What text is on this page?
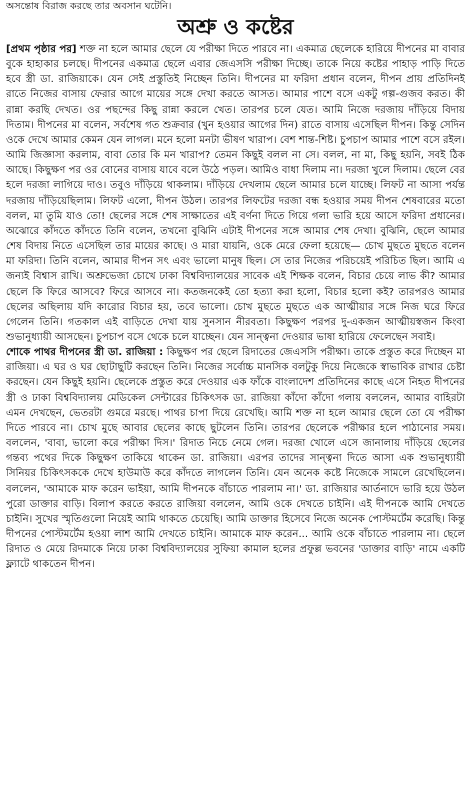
অসন্তোষ বিরাজ করছে তার অবসান ঘটেনি।
অশ্রু ও কষ্টের

[প্রথম পৃষ্ঠার পর] শক্ত না হলে আমার ছেলে যে পরীক্ষা দিতে পারবে না। একমাত্র ছেলেকে হারিয়ে দীপনের মা বাবার বুকে হাহাকার চলছে। দীপনের একমাত্র ছেলে এবার জেএসসি পরীক্ষা দিচ্ছে। তাকে নিয়ে কষ্টের পাহাড় পাড়ি দিতে হবে স্ত্রী ডা. রাজিয়াকে। যেন সেই প্রস্তুতিই নিচ্ছেন তিনি। দীপনের মা ফরিদা প্রধান বলেন, দীপন প্রায় প্রতিদিনই রাতে নিজের বাসায় ফেরার আগে মায়ের সঙ্গে দেখা করতে আসত। আমার পাশে বসে একটু গল্প-গুজব করত। কী রান্না করছি দেখত। ওর পছন্দের কিছু রান্না করলে খেত। তারপর চলে যেত। আমি নিজে দরজায় দাঁড়িয়ে বিদায় দিতাম। দীপনের মা বলেন, সর্বশেষ গত শুক্রবার (খুন হওয়ার আগের দিন) রাতে বাসায় এসেছিল দীপন। কিন্তু সেদিন ওকে দেখে আমার কেমন যেন লাগল। মনে হলো মনটা ভীষণ খারাপ। বেশ শান্ত-শিষ্ট। চুপচাপ আমার পাশে বসে রইল। আমি জিজ্ঞাসা করলাম, বাবা তোর কি মন খারাপ? তেমন কিছুই বলল না সে। বলল, না মা, কিছু হয়নি, সবই ঠিক আছে। কিছুক্ষণ পর ওর বোনের বাসায় যাবে বলে উঠে পড়ল। আমিও বাধা দিলাম না। দরজা খুলে দিলাম। ছেলে বের হলে দরজা লাগিয়ে দাও। তবুও দাঁড়িয়ে থাকলাম। দাঁড়িয়ে দেখলাম ছেলে আমার চলে যাচ্ছে। লিফট না আসা পর্যন্ত দরজায় দাঁড়িয়েছিলাম। লিফট এলো, দীপন উঠল। তারপর লিফটের দরজা বন্ধ হওয়ার সময় দীপন শেষবারের মতো বলল, মা তুমি যাও তো! ছেলের সঙ্গে শেষ সাক্ষাতের এই বর্ণনা দিতে গিয়ে গলা ভারি হয়ে আসে ফরিদা প্রধানের। অঝোরে কাঁদতে কাঁদতে তিনি বলেন, তখনো বুঝিনি এটাই দীপনের সঙ্গে আমার শেষ দেখা। বুঝিনি, ছেলে আমার শেষ বিদায় নিতে এসেছিল তার মায়ের কাছে। ও মারা যায়নি, ওকে মেরে ফেলা হয়েছে— চোখ মুছতে মুছতে বলেন মা ফরিদা। তিনি বলেন, আমার দীপন সৎ এবং ভালো মানুষ ছিল। সে তার নিজের পরিচয়েই পরিচিত ছিল। আমি এ জন্যই বিশ্বাস রাখি। অশ্রুভেজা চোখে ঢাকা বিশ্ববিদ্যালয়ের সাবেক এই শিক্ষক বলেন, বিচার চেয়ে লাভ কী? আমার ছেলে কি ফিরে আসবে? ফিরে আসবে না। কতজনকেই তো হত্যা করা হলো, বিচার হলো কই? তারপরও আমার ছেলের অছিলায় যদি কারোর বিচার হয়, তবে ভালো। চোখ মুছতে মুছতে এক আত্মীয়ার সঙ্গে নিজ ঘরে ফিরে গেলেন তিনি। গতকাল এই বাড়িতে দেখা যায় সুনসান নীরবতা। কিছুক্ষণ পরপর দু-একজন আত্মীয়স্বজন কিংবা শুভানুধ্যায়ী আসছেন। চুপচাপ বসে থেকে চলে যাচ্ছেন। যেন সান্ত্বনা দেওয়ার ভাষা হারিয়ে ফেলেছেন সবাই।

শোকে পাথর দীপনের স্ত্রী ডা. রাজিয়া : কিছুক্ষণ পর ছেলে রিদাতের জেএসসি পরীক্ষা। তাকে প্রস্তুত করে দিচ্ছেন মা রাজিয়া। এ ঘর ও ঘর ছোটাছুটি করছেন তিনি। নিজের সর্বোচ্চ মানসিক বলটুকু দিয়ে নিজেকে স্বাভাবিক রাখার চেষ্টা করছেন। যেন কিছুই হয়নি। ছেলেকে প্রস্তুত করে দেওয়ার এক ফাঁকে বাংলাদেশ প্রতিদিনের কাছে এসে নিহত দীপনের স্ত্রী ও ঢাকা বিশ্ববিদ্যালয় মেডিকেল সেন্টারের চিকিৎসক ডা. রাজিয়া কাঁদো কাঁদো গলায় বললেন, আমার বাহিরটা এমন দেখছেন, ভেতরটা গুমরে মরছে। পাথর চাপা দিয়ে রেখেছি। আমি শক্ত না হলে আমার ছেলে তো যে পরীক্ষা দিতে পারবে না। চোখ মুছে আবার ছেলের কাছে ছুটলেন তিনি। তারপর ছেলেকে পরীক্ষার হলে পাঠানোর সময়। বললেন, 'বাবা, ভালো করে পরীক্ষা দিস।' রিদাত নিচে নেমে গেল। দরজা খোলে এসে জানালায় দাঁড়িয়ে ছেলের গন্তব্য পথের দিকে কিছুক্ষণ তাকিয়ে থাকেন ডা. রাজিয়া। এরপর তাদের সান্ত্বনা দিতে আসা এক শুভানুধ্যায়ী সিনিয়র চিকিৎসককে দেখে হাউমাউ করে কাঁদতে লাগলেন তিনি। যেন অনেক কষ্টে নিজেকে সামলে রেখেছিলেন। বললেন, 'আমাকে মাফ করেন ভাইয়া, আমি দীপনকে বাঁচাতে পারলাম না।' ডা. রাজিয়ার আর্তনাদে ভারি হয়ে উঠল পুরো ডাক্তার বাড়ি। বিলাপ করতে করতে রাজিয়া বললেন, আমি ওকে দেখতে চাইনি। এই দীপনকে আমি দেখতে চাইনি। সুখের স্মৃতিগুলো নিয়েই আমি থাকতে চেয়েছি। আমি ডাক্তার হিসেবে নিজে অনেক পোস্টমর্টেম করেছি। কিন্তু দীপনের পোস্টমর্টেম হওয়া লাশ আমি দেখতে চাইনি। আমাকে মাফ করেন... আমি ওকে বাঁচাতে পারলাম না। ছেলে রিদাত ও মেয়ে রিদমাকে নিয়ে ঢাকা বিশ্ববিদ্যালয়ের সুফিয়া কামাল হলের প্রফুল্ল ভবনের 'ডাক্তার বাড়ি' নামে একটি ফ্ল্যাটে থাকতেন দীপন।
